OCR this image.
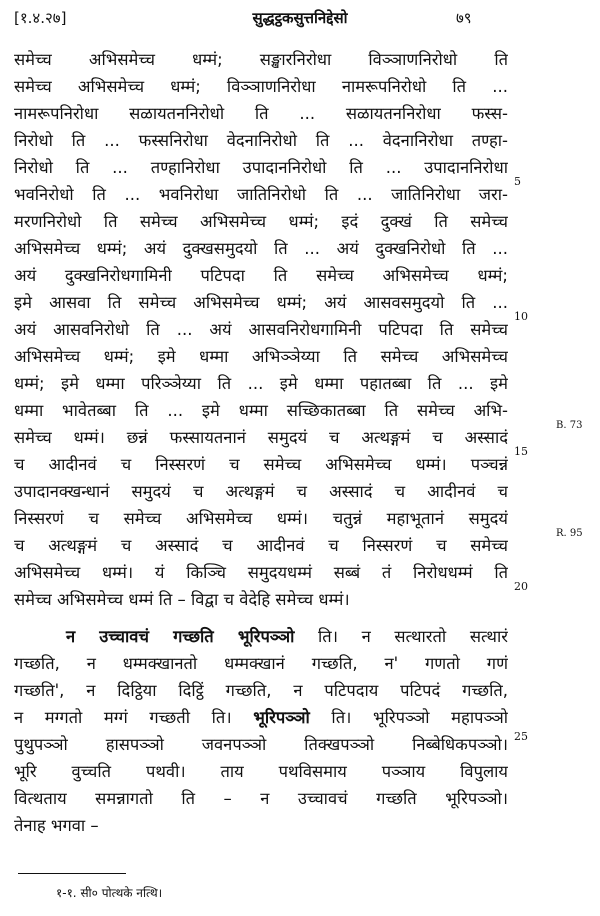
[१.४.२७]	सुद्धट्ठकसुत्तनिद्देसो	७९
समेच्च अभिसमेच्च धम्मं; सङ्खारनिरोधा विञ्ञाणनिरोधो ति
समेच्च अभिसमेच्च धम्मं; विञ्ञाणनिरोधा नामरूपनिरोधो ति ...
नामरूपनिरोधा सळायतननिरोधो ति ... सळायतननिरोधा फस्स-
निरोधो ति ... फस्सनिरोधा वेदनानिरोधो ति ... वेदनानिरोधा तण्हा-
निरोधो ति ... तण्हानिरोधा उपादाननिरोधो ति ... उपादाननिरोधा
भवनिरोधो ति ... भवनिरोधा जातिनिरोधो ति ... जातिनिरोधा जरा-
मरणनिरोधो ति समेच्च अभिसमेच्च धम्मं; इदं दुक्खं ति समेच्च
अभिसमेच्च धम्मं; अयं दुक्खसमुदयो ति ... अयं दुक्खनिरोधो ति ...
अयं दुक्खनिरोधगामिनी पटिपदा ति समेच्च अभिसमेच्च धम्मं;
इमे आसवा ति समेच्च अभिसमेच्च धम्मं; अयं आसवसमुदयो ति ...
अयं आसवनिरोधो ति ... अयं आसवनिरोधगामिनी पटिपदा ति समेच्च
अभिसमेच्च धम्मं; इमे धम्मा अभिञ्ञेय्या ति समेच्च अभिसमेच्च
धम्मं; इमे धम्मा परिञ्ञेय्या ति ... इमे धम्मा पहातब्बा ति ... इमे
धम्मा भावेतब्बा ति ... इमे धम्मा सच्छिकातब्बा ति समेच्च अभि-
समेच्च धम्मं। छन्नं फस्सायतनानं समुदयं च अत्थङ्गमं च अस्सादं
च आदीनवं च निस्सरणं च समेच्च अभिसमेच्च धम्मं। पञ्चन्नं
उपादानक्खन्धानं समुदयं च अत्थङ्गमं च अस्सादं च आदीनवं च
निस्सरणं च समेच्च अभिसमेच्च धम्मं। चतुन्नं महाभूतानं समुदयं
च अत्थङ्गमं च अस्सादं च आदीनवं च निस्सरणं च समेच्च
अभिसमेच्च धम्मं। यं किञ्चि समुदयधम्मं सब्बं तं निरोधधम्मं ति
समेच्च अभिसमेच्च धम्मं ति – विद्वा च वेदेहि समेच्च धम्मं।
न उच्चावचं गच्छति भूरिपञ्ञो ति। न सत्थारतो सत्थारं
गच्छति, न धम्मक्खानतो धम्मक्खानं गच्छति, न' गणतो गणं
गच्छति', न दिट्ठिया दिट्ठिं गच्छति, न पटिपदाय पटिपदं गच्छति,
न मग्गतो मग्गं गच्छती ति। भूरिपञ्ञो ति। भूरिपञ्ञो महापञ्ञो
पुथुपञ्ञो हासपञ्ञो जवनपञ्ञो तिक्खपञ्ञो निब्बेधिकपञ्ञो।
भूरि वुच्चति पथवी। ताय पथविसमाय पञ्ञाय विपुलाय
वित्थताय समन्नागतो ति – न उच्चावचं गच्छति भूरिपञ्ञो।
तेनाह भगवा –
5
10
15
20
25
B. 73
R. 95
१-१. सी० पोत्थके नत्थि।
